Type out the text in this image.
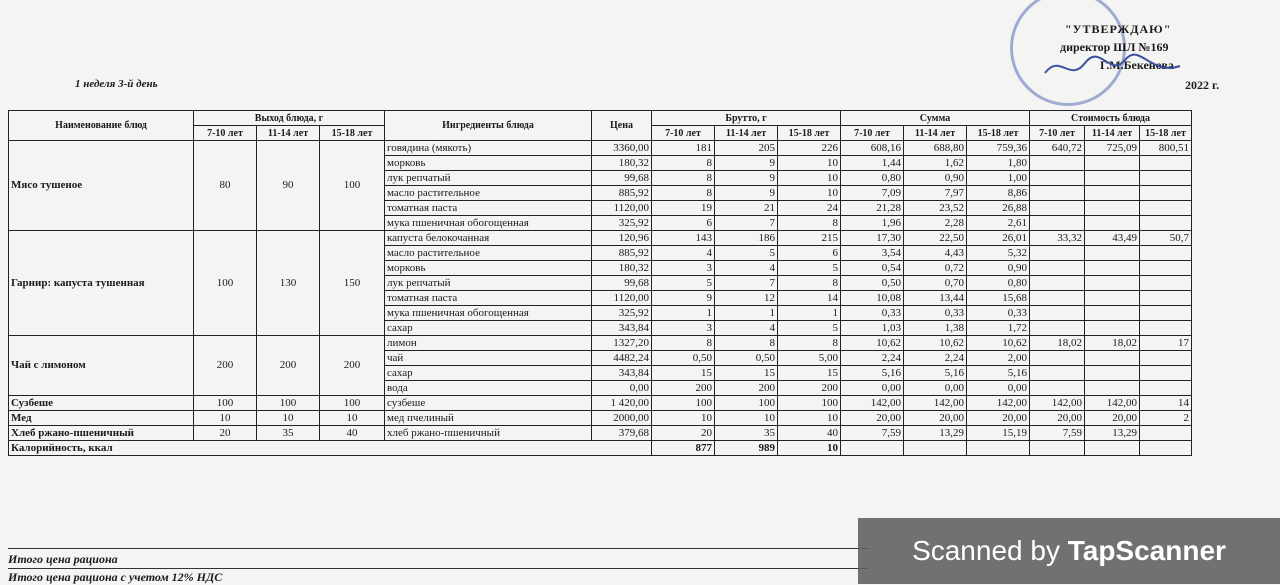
1 неделя 3-й день
"УТВЕРЖДАЮ"
директор ШЛ №169
Г.М.Бекенова
2022 г.
Наименование блюд	Выход блюда, г			Ингредиенты блюда	Цена	Брутто, г			Сумма			Стоимость блюда		
	7-10 лет	11-14 лет	15-18 лет			7-10 лет	11-14 лет	15-18 лет	7-10 лет	11-14 лет	15-18 лет	7-10 лет	11-14 лет	15-18 лет
Мясо тушеное	80	90	100	говядина (мякоть)	3360,00	181	205	226	608,16	688,80	759,36	640,72	725,09	800,51
				морковь	180,32	8	9	10	1,44	1,62	1,80			
				лук репчатый	99,68	8	9	10	0,80	0,90	1,00			
				масло растительное	885,92	8	9	10	7,09	7,97	8,86			
				томатная паста	1120,00	19	21	24	21,28	23,52	26,88			
				мука пшеничная обогощенная	325,92	6	7	8	1,96	2,28	2,61			
Гарнир: капуста тушенная	100	130	150	капуста белокочанная	120,96	143	186	215	17,30	22,50	26,01	33,32	43,49	50,7
				масло растительное	885,92	4	5	6	3,54	4,43	5,32			
				морковь	180,32	3	4	5	0,54	0,72	0,90			
				лук репчатый	99,68	5	7	8	0,50	0,70	0,80			
				томатная паста	1120,00	9	12	14	10,08	13,44	15,68			
				мука пшеничная обогощенная	325,92	1	1	1	0,33	0,33	0,33			
				сахар	343,84	3	4	5	1,03	1,38	1,72			
Чай с лимоном	200	200	200	лимон	1327,20	8	8	8	10,62	10,62	10,62	18,02	18,02	17
				чай	4482,24	0,50	0,50	5,00	2,24	2,24	2,00			
				сахар	343,84	15	15	15	5,16	5,16	5,16			
				вода	0,00	200	200	200	0,00	0,00	0,00			
Сузбеше	100	100	100	сузбеше	1 420,00	100	100	100	142,00	142,00	142,00	142,00	142,00	14
Мед	10	10	10	мед пчелиный	2000,00	10	10	10	20,00	20,00	20,00	20,00	20,00	2
Хлеб ржано-пшеничный	20	35	40	хлеб ржано-пшеничный	379,68	20	35	40	7,59	13,29	15,19	7,59	13,29	
Калорийность, ккал						877	989	10						
Итого цена рациона
Итого цена рациона с учетом 12% НДС
Scanned by TapScanner
